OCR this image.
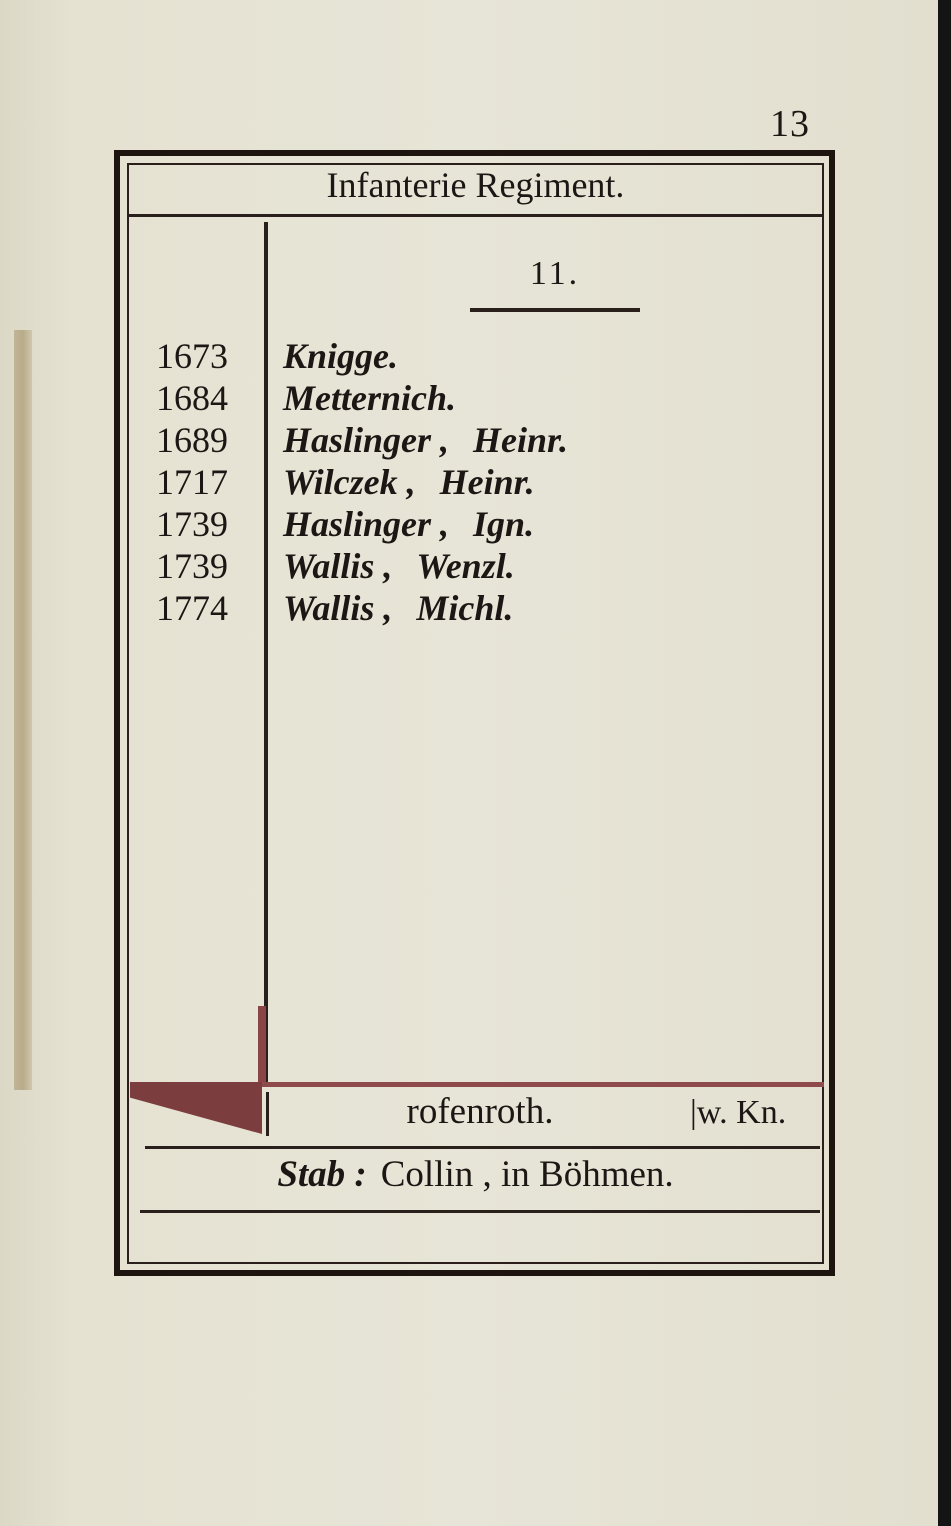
13
Infanterie Regiment.
11.
1673	Knigge.
1684	Metternich.
1689	Haslinger , Heinr.
1717	Wilczek , Heinr.
1739	Haslinger , Ign.
1739	Wallis , Wenzl.
1774	Wallis , Michl.
rofenroth.	|w. Kn.
Stab : Collin , in Böhmen.
